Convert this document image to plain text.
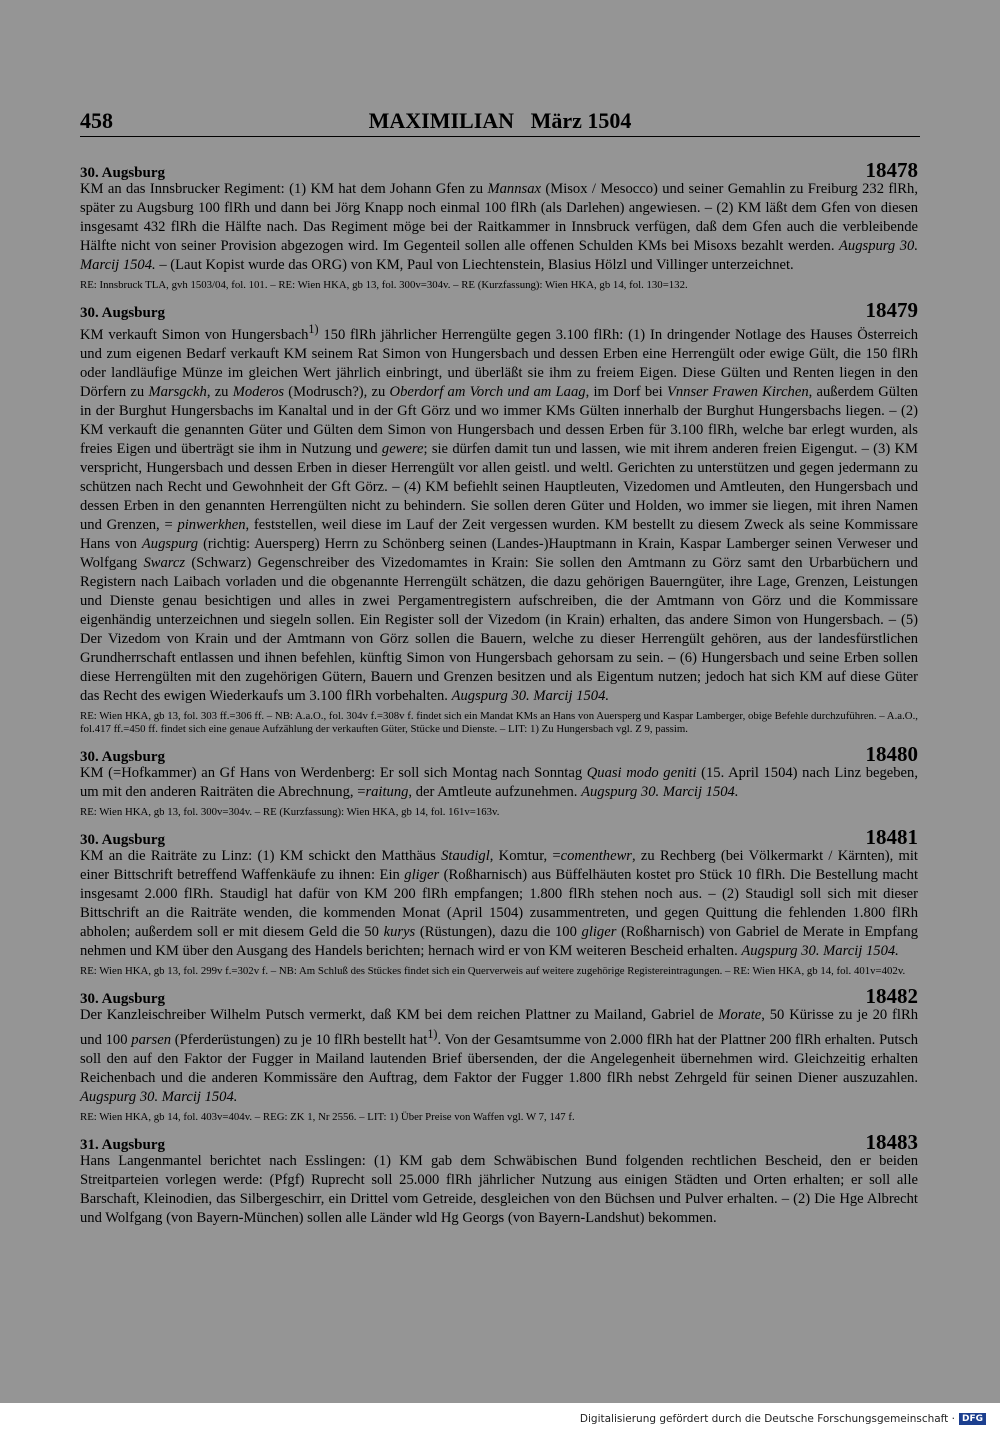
458	MAXIMILIAN   März 1504
30. Augsburg	18478
KM an das Innsbrucker Regiment: (1) KM hat dem Johann Gfen zu Mannsax (Misox / Mesocco) und seiner Gemahlin zu Freiburg 232 flRh, später zu Augsburg 100 flRh und dann bei Jörg Knapp noch einmal 100 flRh (als Darlehen) angewiesen. – (2) KM läßt dem Gfen von diesen insgesamt 432 flRh die Hälfte nach. Das Regiment möge bei der Raitkammer in Innsbruck verfügen, daß dem Gfen auch die verbleibende Hälfte nicht von seiner Provision abgezogen wird. Im Gegenteil sollen alle offenen Schulden KMs bei Misoxs bezahlt werden. Augspurg 30. Marcij 1504. – (Laut Kopist wurde das ORG) von KM, Paul von Liechtenstein, Blasius Hölzl und Villinger unterzeichnet.
RE: Innsbruck TLA, gvh 1503/04, fol. 101. – RE: Wien HKA, gb 13, fol. 300v=304v. – RE (Kurzfassung): Wien HKA, gb 14, fol. 130=132.
30. Augsburg	18479
KM verkauft Simon von Hungersbach$^{1)}$ 150 flRh jährlicher Herrengülte gegen 3.100 flRh: (1) In dringender Notlage des Hauses Österreich und zum eigenen Bedarf verkauft KM seinem Rat Simon von Hungersbach und dessen Erben eine Herrengült oder ewige Gült, die 150 flRh oder landläufige Münze im gleichen Wert jährlich einbringt, und überläßt sie ihm zu freiem Eigen. Diese Gülten und Renten liegen in den Dörfern zu Marsgckh, zu Moderos (Modrusch?), zu Oberdorf am Vorch und am Laag, im Dorf bei Vnnser Frawen Kirchen, außerdem Gülten in der Burghut Hungersbachs im Kanaltal und in der Gft Görz und wo immer KMs Gülten innerhalb der Burghut Hungersbachs liegen. – (2) KM verkauft die genannten Güter und Gülten dem Simon von Hungersbach und dessen Erben für 3.100 flRh, welche bar erlegt wurden, als freies Eigen und überträgt sie ihm in Nutzung und gewere; sie dürfen damit tun und lassen, wie mit ihrem anderen freien Eigengut. – (3) KM verspricht, Hungersbach und dessen Erben in dieser Herrengült vor allen geistl. und weltl. Gerichten zu unterstützen und gegen jedermann zu schützen nach Recht und Gewohnheit der Gft Görz. – (4) KM befiehlt seinen Hauptleuten, Vizedomen und Amtleuten, den Hungersbach und dessen Erben in den genannten Herrengülten nicht zu behindern. Sie sollen deren Güter und Holden, wo immer sie liegen, mit ihren Namen und Grenzen, = pinwerkhen, feststellen, weil diese im Lauf der Zeit vergessen wurden. KM bestellt zu diesem Zweck als seine Kommissare Hans von Augspurg (richtig: Auersperg) Herrn zu Schönberg seinen (Landes-)Hauptmann in Krain, Kaspar Lamberger seinen Verweser und Wolfgang Swarcz (Schwarz) Gegenschreiber des Vizedomamtes in Krain: Sie sollen den Amtmann zu Görz samt den Urbarbüchern und Registern nach Laibach vorladen und die obgenannte Herrengült schätzen, die dazu gehörigen Bauerngüter, ihre Lage, Grenzen, Leistungen und Dienste genau besichtigen und alles in zwei Pergamentregistern aufschreiben, die der Amtmann von Görz und die Kommissare eigenhändig unterzeichnen und siegeln sollen. Ein Register soll der Vizedom (in Krain) erhalten, das andere Simon von Hungersbach. – (5) Der Vizedom von Krain und der Amtmann von Görz sollen die Bauern, welche zu dieser Herrengült gehören, aus der landesfürstlichen Grundherrschaft entlassen und ihnen befehlen, künftig Simon von Hungersbach gehorsam zu sein. – (6) Hungersbach und seine Erben sollen diese Herrengülten mit den zugehörigen Gütern, Bauern und Grenzen besitzen und als Eigentum nutzen; jedoch hat sich KM auf diese Güter das Recht des ewigen Wiederkaufs um 3.100 flRh vorbehalten. Augspurg 30. Marcij 1504.
RE: Wien HKA, gb 13, fol. 303 ff.=306 ff. – NB: A.a.O., fol. 304v f.=308v f. findet sich ein Mandat KMs an Hans von Auersperg und Kaspar Lamberger, obige Befehle durchzuführen. – A.a.O., fol.417 ff.=450 ff. findet sich eine genaue Aufzählung der verkauften Güter, Stücke und Dienste. – LIT: 1) Zu Hungersbach vgl. Z 9, passim.
30. Augsburg	18480
KM (=Hofkammer) an Gf Hans von Werdenberg: Er soll sich Montag nach Sonntag Quasi modo geniti (15. April 1504) nach Linz begeben, um mit den anderen Raiträten die Abrechnung, =raitung, der Amtleute aufzunehmen. Augspurg 30. Marcij 1504.
RE: Wien HKA, gb 13, fol. 300v=304v. – RE (Kurzfassung): Wien HKA, gb 14, fol. 161v=163v.
30. Augsburg	18481
KM an die Raiträte zu Linz: (1) KM schickt den Matthäus Staudigl, Komtur, =comenthewr, zu Rechberg (bei Völkermarkt / Kärnten), mit einer Bittschrift betreffend Waffenkäufe zu ihnen: Ein gliger (Roßharnisch) aus Büffelhäuten kostet pro Stück 10 flRh. Die Bestellung macht insgesamt 2.000 flRh. Staudigl hat dafür von KM 200 flRh empfangen; 1.800 flRh stehen noch aus. – (2) Staudigl soll sich mit dieser Bittschrift an die Raiträte wenden, die kommenden Monat (April 1504) zusammentreten, und gegen Quittung die fehlenden 1.800 flRh abholen; außerdem soll er mit diesem Geld die 50 kurys (Rüstungen), dazu die 100 gliger (Roßharnisch) von Gabriel de Merate in Empfang nehmen und KM über den Ausgang des Handels berichten; hernach wird er von KM weiteren Bescheid erhalten. Augspurg 30. Marcij 1504.
RE: Wien HKA, gb 13, fol. 299v f.=302v f. – NB: Am Schluß des Stückes findet sich ein Querverweis auf weitere zugehörige Registereintragungen. – RE: Wien HKA, gb 14, fol. 401v=402v.
30. Augsburg	18482
Der Kanzleischreiber Wilhelm Putsch vermerkt, daß KM bei dem reichen Plattner zu Mailand, Gabriel de Morate, 50 Kürisse zu je 20 flRh und 100 parsen (Pferderüstungen) zu je 10 flRh bestellt hat$^{1)}$. Von der Gesamtsumme von 2.000 flRh hat der Plattner 200 flRh erhalten. Putsch soll den auf den Faktor der Fugger in Mailand lautenden Brief übersenden, der die Angelegenheit übernehmen wird. Gleichzeitig erhalten Reichenbach und die anderen Kommissäre den Auftrag, dem Faktor der Fugger 1.800 flRh nebst Zehrgeld für seinen Diener auszuzahlen. Augspurg 30. Marcij 1504.
RE: Wien HKA, gb 14, fol. 403v=404v. – REG: ZK 1, Nr 2556. – LIT: 1) Über Preise von Waffen vgl. W 7, 147 f.
31. Augsburg	18483
Hans Langenmantel berichtet nach Esslingen: (1) KM gab dem Schwäbischen Bund folgenden rechtlichen Bescheid, den er beiden Streitparteien vorlegen werde: (Pfgf) Ruprecht soll 25.000 flRh jährlicher Nutzung aus einigen Städten und Orten erhalten; er soll alle Barschaft, Kleinodien, das Silbergeschirr, ein Drittel vom Getreide, desgleichen von den Büchsen und Pulver erhalten. – (2) Die Hge Albrecht und Wolfgang (von Bayern-München) sollen alle Länder wld Hg Georgs (von Bayern-Landshut) bekommen.
Digitalisierung gefördert durch die Deutsche Forschungsgemeinschaft · DFG
